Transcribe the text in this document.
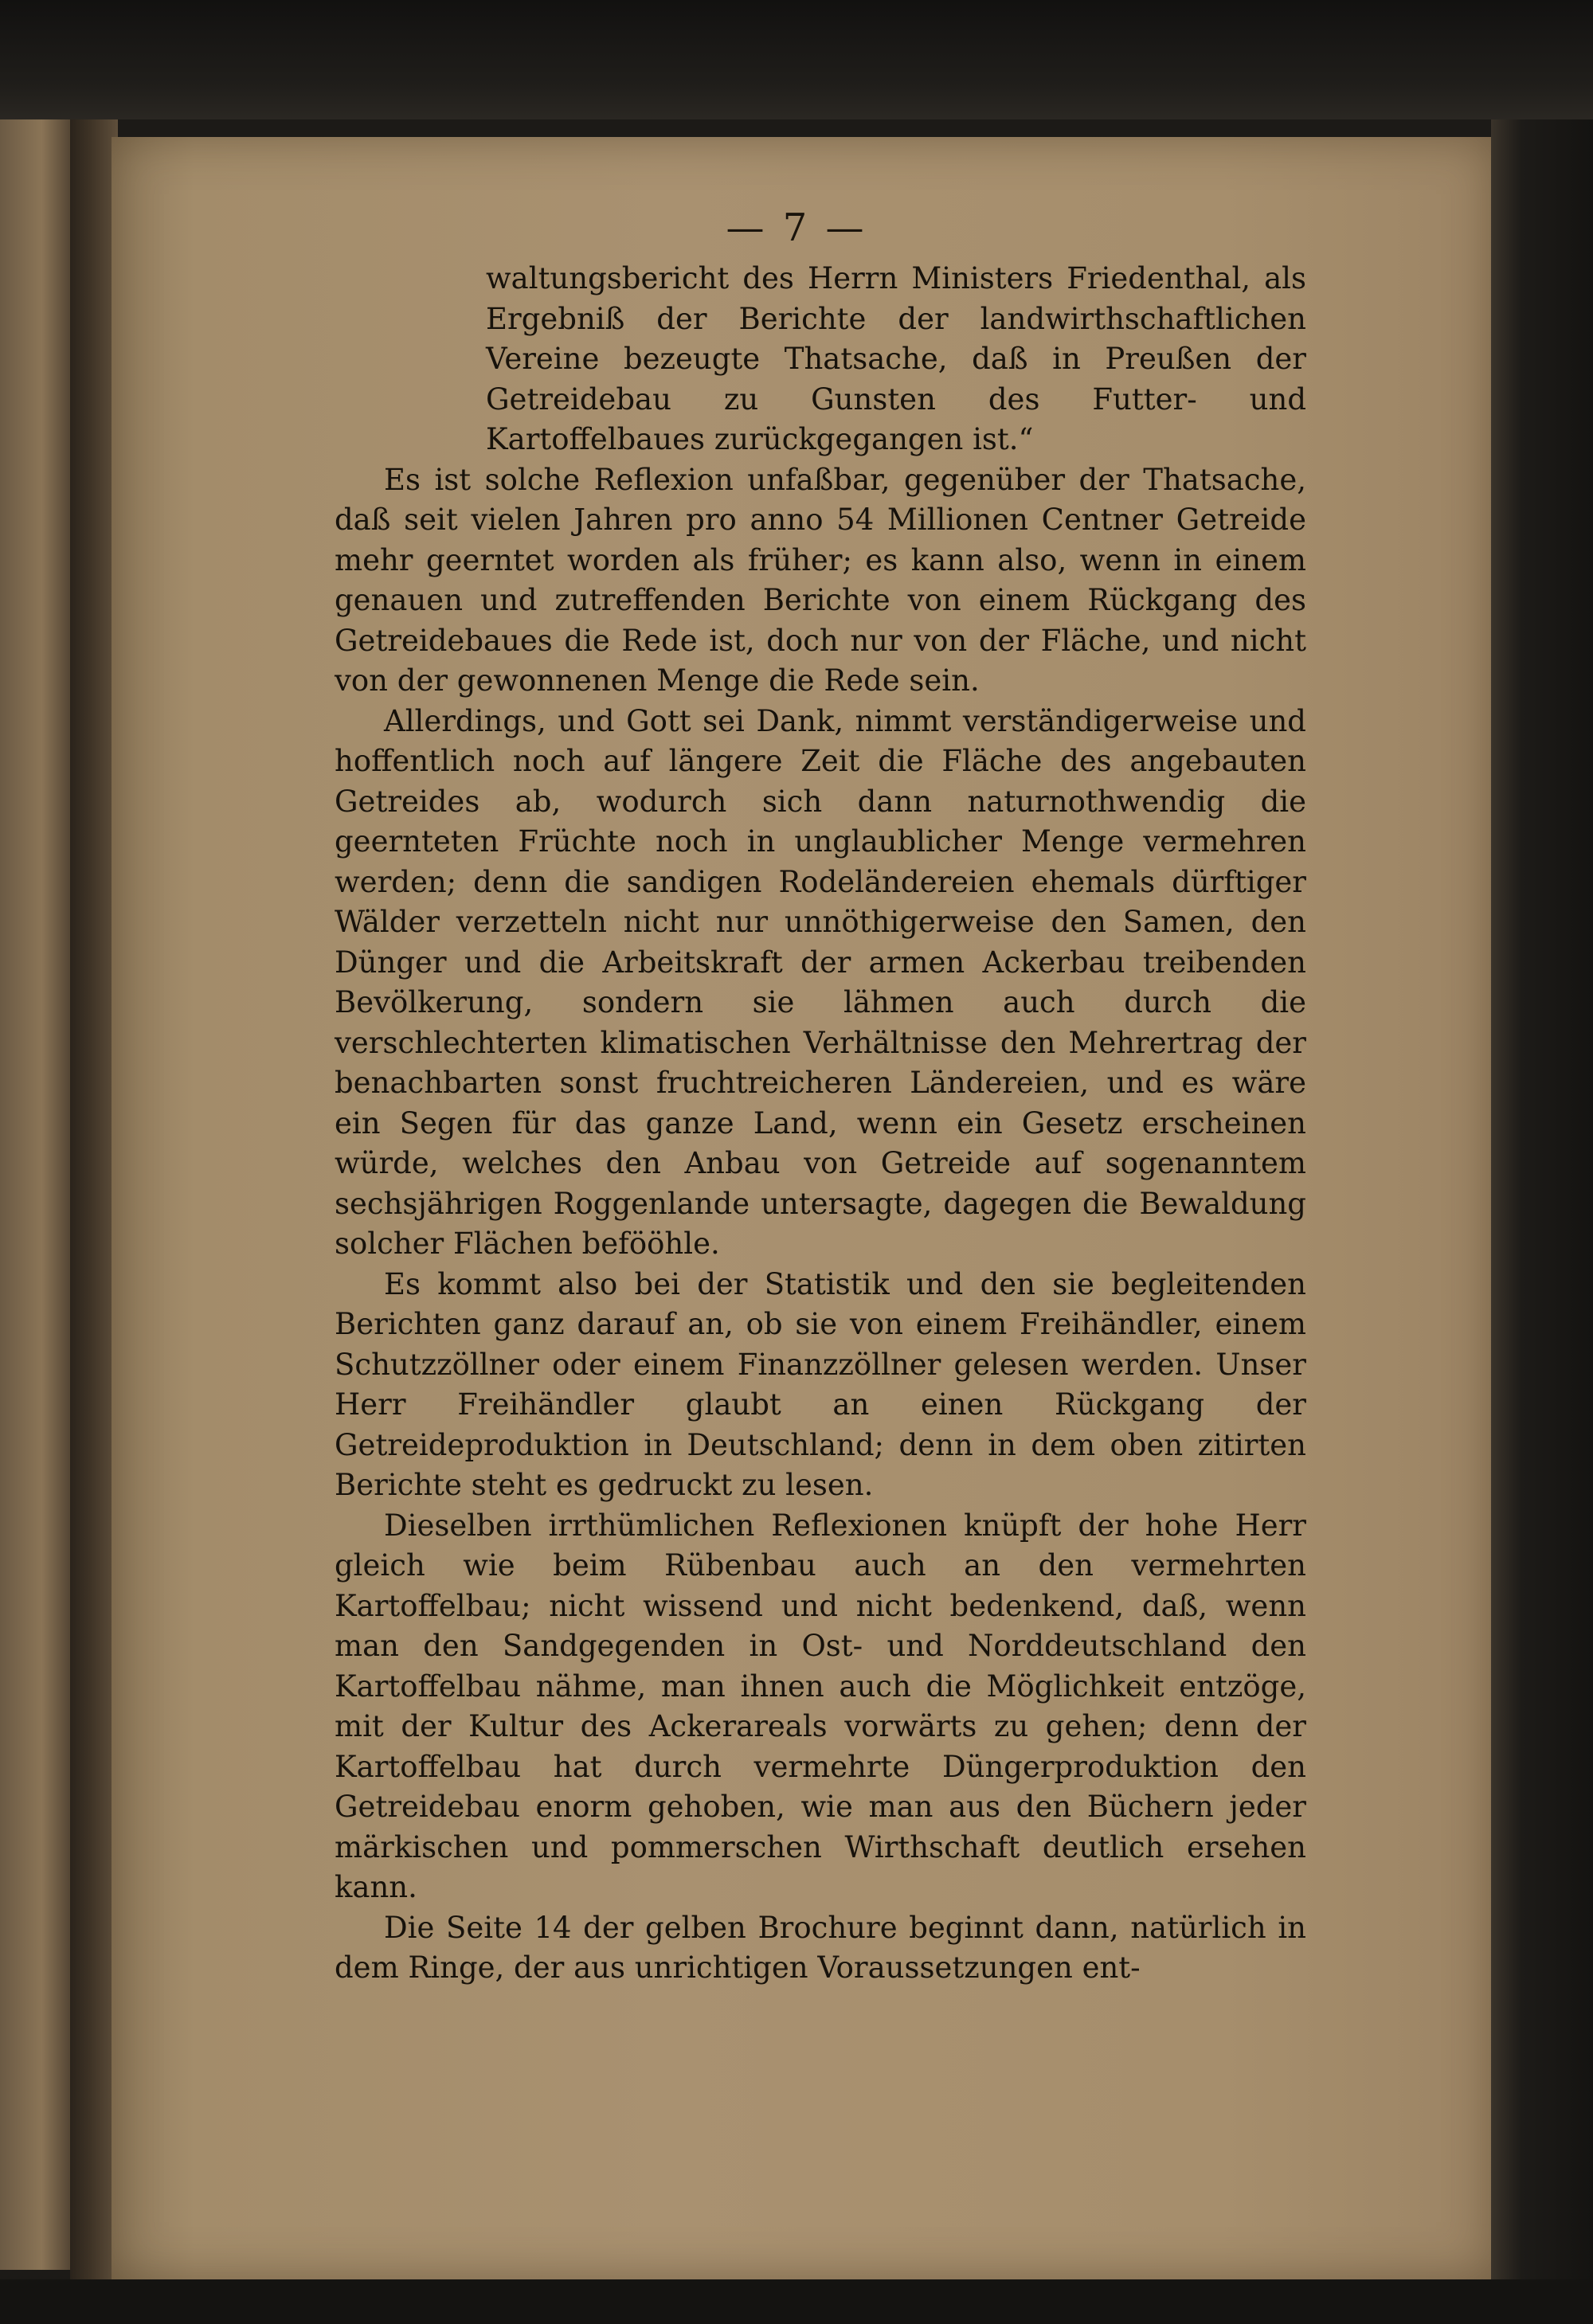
— 7 —

waltungsbericht des Herrn Ministers Friedenthal, als Ergebniß der Berichte der landwirthschaftlichen Vereine bezeugte Thatsache, daß in Preußen der Getreidebau zu Gunsten des Futter- und Kartoffelbaues zurückgegangen ist.“

Es ist solche Reflexion unfaßbar, gegenüber der Thatsache, daß seit vielen Jahren pro anno 54 Millionen Centner Getreide mehr geerntet worden als früher; es kann also, wenn in einem genauen und zutreffenden Berichte von einem Rückgang des Getreidebaues die Rede ist, doch nur von der Fläche, und nicht von der gewonnenen Menge die Rede sein.

Allerdings, und Gott sei Dank, nimmt verständigerweise und hoffentlich noch auf längere Zeit die Fläche des angebauten Getreides ab, wodurch sich dann naturnothwendig die geernteten Früchte noch in unglaublicher Menge vermehren werden; denn die sandigen Rodeländereien ehemals dürftiger Wälder verzetteln nicht nur unnöthigerweise den Samen, den Dünger und die Arbeitskraft der armen Ackerbau treibenden Bevölkerung, sondern sie lähmen auch durch die verschlechterten klimatischen Verhältnisse den Mehrertrag der benachbarten sonst fruchtreicheren Ländereien, und es wäre ein Segen für das ganze Land, wenn ein Gesetz erscheinen würde, welches den Anbau von Getreide auf sogenanntem sechsjährigen Roggenlande untersagte, dagegen die Bewaldung solcher Flächen befööhle.

Es kommt also bei der Statistik und den sie begleitenden Berichten ganz darauf an, ob sie von einem Freihändler, einem Schutzzöllner oder einem Finanzzöllner gelesen werden. Unser Herr Freihändler glaubt an einen Rückgang der Getreideproduktion in Deutschland; denn in dem oben zitirten Berichte steht es gedruckt zu lesen.

Dieselben irrthümlichen Reflexionen knüpft der hohe Herr gleich wie beim Rübenbau auch an den vermehrten Kartoffelbau; nicht wissend und nicht bedenkend, daß, wenn man den Sandgegenden in Ost- und Norddeutschland den Kartoffelbau nähme, man ihnen auch die Möglichkeit entzöge, mit der Kultur des Ackerareals vorwärts zu gehen; denn der Kartoffelbau hat durch vermehrte Düngerproduktion den Getreidebau enorm gehoben, wie man aus den Büchern jeder märkischen und pommerschen Wirthschaft deutlich ersehen kann.

Die Seite 14 der gelben Brochure beginnt dann, natürlich in dem Ringe, der aus unrichtigen Voraussetzungen ent-
